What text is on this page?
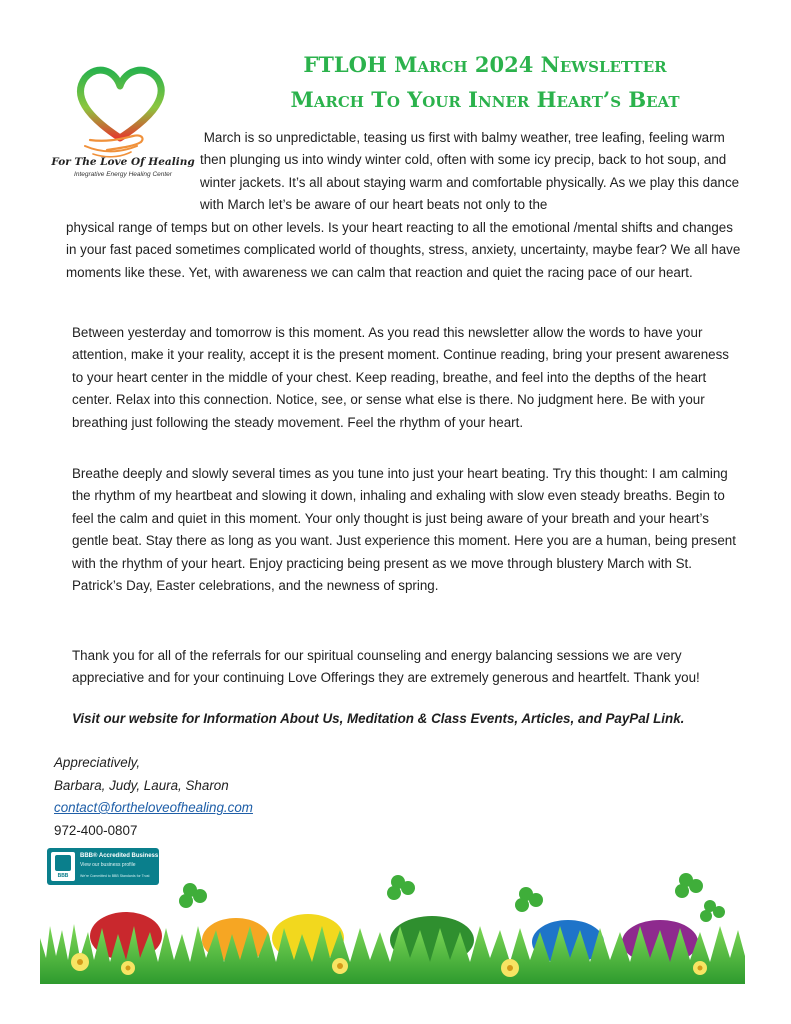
For The Love Of Healing
Integrative Energy Healing Center
FTLOH March 2024 Newsletter
March To Your Inner Heart’s Beat
March is so unpredictable, teasing us first with balmy weather, tree leafing, feeling warm then plunging us into windy winter cold, often with some icy precip, back to hot soup, and winter jackets. It’s all about staying warm and comfortable physically. As we play this dance with March let’s be aware of our heart beats not only to the
physical range of temps but on other levels. Is your heart reacting to all the emotional /mental shifts and changes in your fast paced sometimes complicated world of thoughts, stress, anxiety, uncertainty, maybe fear? We all have moments like these. Yet, with awareness we can calm that reaction and quiet the racing pace of our heart.
Between yesterday and tomorrow is this moment. As you read this newsletter allow the words to have your attention, make it your reality, accept it is the present moment. Continue reading, bring your present awareness to your heart center in the middle of your chest. Keep reading, breathe, and feel into the depths of the heart center. Relax into this connection. Notice, see, or sense what else is there. No judgment here. Be with your breathing just following the steady movement. Feel the rhythm of your heart.
Breathe deeply and slowly several times as you tune into just your heart beating. Try this thought: I am calming the rhythm of my heartbeat and slowing it down, inhaling and exhaling with slow even steady breaths. Begin to feel the calm and quiet in this moment. Your only thought is just being aware of your breath and your heart’s gentle beat. Stay there as long as you want. Just experience this moment. Here you are a human, being present with the rhythm of your heart. Enjoy practicing being present as we move through blustery March with St. Patrick’s Day, Easter celebrations, and the newness of spring.
Thank you for all of the referrals for our spiritual counseling and energy balancing sessions we are very appreciative and for your continuing Love Offerings they are extremely generous and heartfelt. Thank you!
Visit our website for Information About Us, Meditation & Class Events, Articles, and PayPal Link.
Appreciatively,
Barbara, Judy, Laura, Sharon
contact@fortheloveofhealing.com
972-400-0807
BBB
BBB® Accredited Business
View our business profile
We're Committed to BBB Standards for Trust
